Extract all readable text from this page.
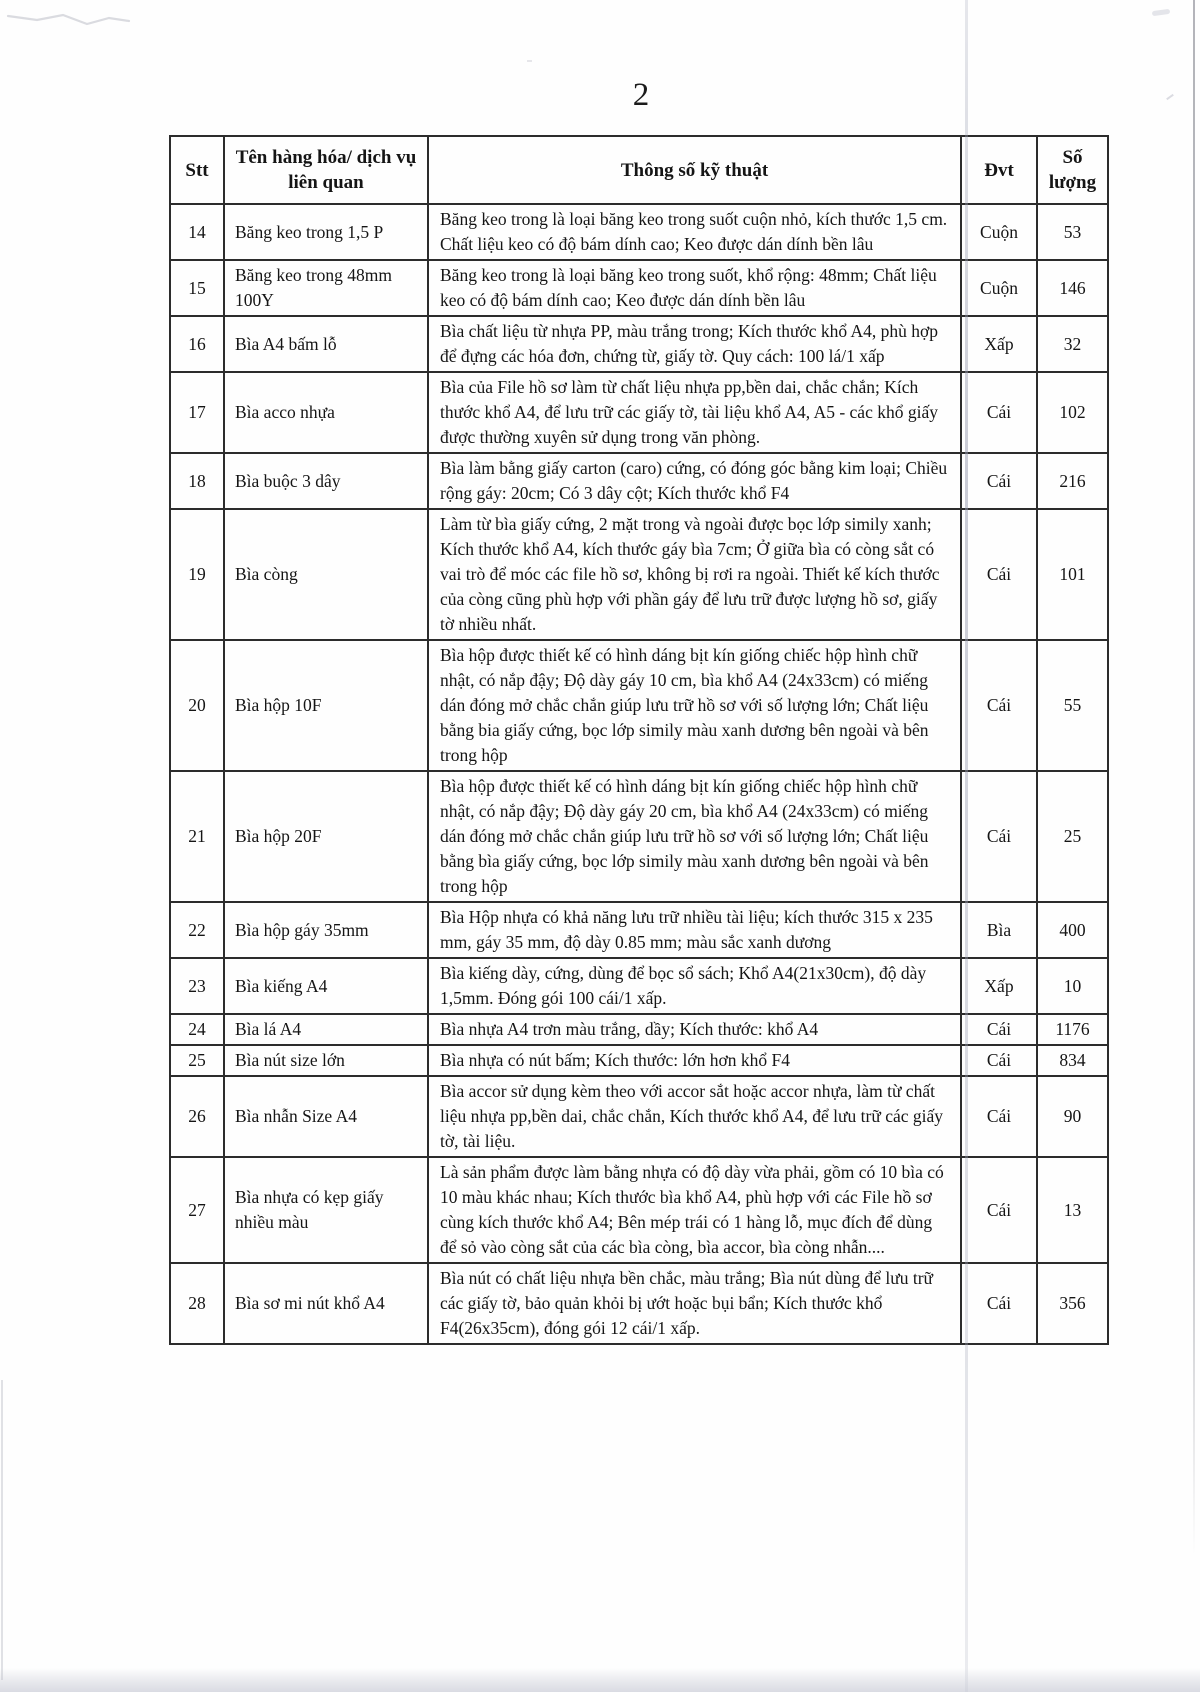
2
Stt	Tên hàng hóa/ dịch vụ liên quan	Thông số kỹ thuật	Đvt	Số lượng
14	Băng keo trong 1,5 P	Băng keo trong là loại băng keo trong suốt cuộn nhỏ, kích thước 1,5 cm. Chất liệu keo có độ bám dính cao; Keo được dán dính bền lâu	Cuộn	53
15	Băng keo trong 48mm 100Y	Băng keo trong là loại băng keo trong suốt, khổ rộng: 48mm; Chất liệu keo có độ bám dính cao; Keo được dán dính bền lâu	Cuộn	146
16	Bìa A4 bấm lỗ	Bìa chất liệu từ nhựa PP, màu trắng trong; Kích thước khổ A4, phù hợp để đựng các hóa đơn, chứng từ, giấy tờ. Quy cách: 100 lá/1 xấp	Xấp	32
17	Bìa acco nhựa	Bìa của File hồ sơ làm từ chất liệu nhựa pp,bền dai, chắc chắn; Kích thước khổ A4, để lưu trữ các giấy tờ, tài liệu khổ A4, A5 - các khổ giấy được thường xuyên sử dụng trong văn phòng.	Cái	102
18	Bìa buộc 3 dây	Bìa làm bằng giấy carton (caro) cứng, có đóng góc bằng kim loại; Chiều rộng gáy: 20cm; Có 3 dây cột; Kích thước khổ F4	Cái	216
19	Bìa còng	Làm từ bìa giấy cứng, 2 mặt trong và ngoài được bọc lớp simily xanh; Kích thước khổ A4, kích thước gáy bìa 7cm; Ở giữa bìa có còng sắt có vai trò để móc các file hồ sơ, không bị rơi ra ngoài. Thiết kế kích thước của còng cũng phù hợp với phần gáy để lưu trữ được lượng hồ sơ, giấy tờ nhiều nhất.	Cái	101
20	Bìa hộp 10F	Bìa hộp được thiết kế có hình dáng bịt kín giống chiếc hộp hình chữ nhật, có nắp đậy; Độ dày gáy 10 cm, bìa khổ A4 (24x33cm) có miếng dán đóng mở chắc chắn giúp lưu trữ hồ sơ với số lượng lớn; Chất liệu bằng bia giấy cứng, bọc lớp simily màu xanh dương bên ngoài và bên trong hộp	Cái	55
21	Bìa hộp 20F	Bìa hộp được thiết kế có hình dáng bịt kín giống chiếc hộp hình chữ nhật, có nắp đậy; Độ dày gáy 20 cm, bìa khổ A4 (24x33cm) có miếng dán đóng mở chắc chắn giúp lưu trữ hồ sơ với số lượng lớn; Chất liệu bằng bìa giấy cứng, bọc lớp simily màu xanh dương bên ngoài và bên trong hộp	Cái	25
22	Bìa hộp gáy 35mm	Bìa Hộp nhựa có khả năng lưu trữ nhiều tài liệu; kích thước 315 x 235 mm, gáy 35 mm, độ dày 0.85 mm; màu sắc xanh dương	Bìa	400
23	Bìa kiếng A4	Bìa kiếng dày, cứng, dùng để bọc sổ sách; Khổ A4(21x30cm), độ dày 1,5mm. Đóng gói 100 cái/1 xấp.	Xấp	10
24	Bìa lá A4	Bìa nhựa A4 trơn màu trắng, dầy; Kích thước: khổ A4	Cái	1176
25	Bìa nút size lớn	Bìa nhựa có nút bấm; Kích thước: lớn hơn khổ F4	Cái	834
26	Bìa nhẫn Size A4	Bìa accor sử dụng kèm theo với accor sắt hoặc accor nhựa, làm từ chất liệu nhựa pp,bền dai, chắc chắn, Kích thước khổ A4, để lưu trữ các giấy tờ, tài liệu.	Cái	90
27	Bìa nhựa có kẹp giấy nhiều màu	Là sản phẩm được làm bằng nhựa có độ dày vừa phải, gồm có 10 bìa có 10 màu khác nhau; Kích thước bìa khổ A4, phù hợp với các File hồ sơ cùng kích thước khổ A4; Bên mép trái có 1 hàng lỗ, mục đích để dùng để sỏ vào còng sắt của các bìa còng, bìa accor, bìa còng nhẫn....	Cái	13
28	Bìa sơ mi nút khổ A4	Bìa nút có chất liệu nhựa bền chắc, màu trắng; Bìa nút dùng để lưu trữ các giấy tờ, bảo quản khỏi bị ướt hoặc bụi bẩn; Kích thước khổ F4(26x35cm), đóng gói 12 cái/1 xấp.	Cái	356
